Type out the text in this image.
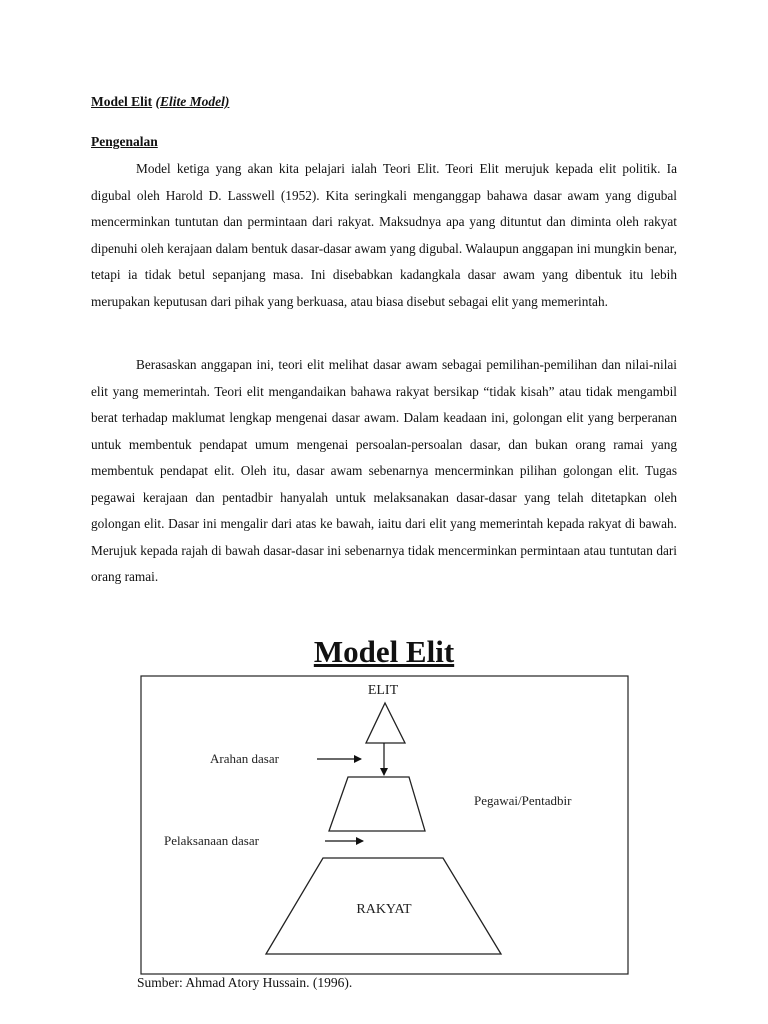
Model Elit (Elite Model)
Pengenalan

Model ketiga yang akan kita pelajari ialah Teori Elit. Teori Elit merujuk kepada elit politik. Ia digubal oleh Harold D. Lasswell (1952). Kita seringkali menganggap bahawa dasar awam yang digubal mencerminkan tuntutan dan permintaan dari rakyat. Maksudnya apa yang dituntut dan diminta oleh rakyat dipenuhi oleh kerajaan dalam bentuk dasar-dasar awam yang digubal. Walaupun anggapan ini mungkin benar, tetapi ia tidak betul sepanjang masa. Ini disebabkan kadangkala dasar awam yang dibentuk itu lebih merupakan keputusan dari pihak yang berkuasa, atau biasa disebut sebagai elit yang memerintah.

Berasaskan anggapan ini, teori elit melihat dasar awam sebagai pemilihan-pemilihan dan nilai-nilai elit yang memerintah. Teori elit mengandaikan bahawa rakyat bersikap “tidak kisah” atau tidak mengambil berat terhadap maklumat lengkap mengenai dasar awam. Dalam keadaan ini, golongan elit yang berperanan untuk membentuk pendapat umum mengenai persoalan-persoalan dasar, dan bukan orang ramai yang membentuk pendapat elit. Oleh itu, dasar awam sebenarnya mencerminkan pilihan golongan elit. Tugas pegawai kerajaan dan pentadbir hanyalah untuk melaksanakan dasar-dasar yang telah ditetapkan oleh golongan elit. Dasar ini mengalir dari atas ke bawah, iaitu dari elit yang memerintah kepada rakyat di bawah. Merujuk kepada rajah di bawah dasar-dasar ini sebenarnya tidak mencerminkan permintaan atau tuntutan dari orang ramai.

Model Elit
ELIT
Arahan dasar
Pegawai/Pentadbir
Pelaksanaan dasar
RAKYAT
Sumber: Ahmad Atory Hussain. (1996).
